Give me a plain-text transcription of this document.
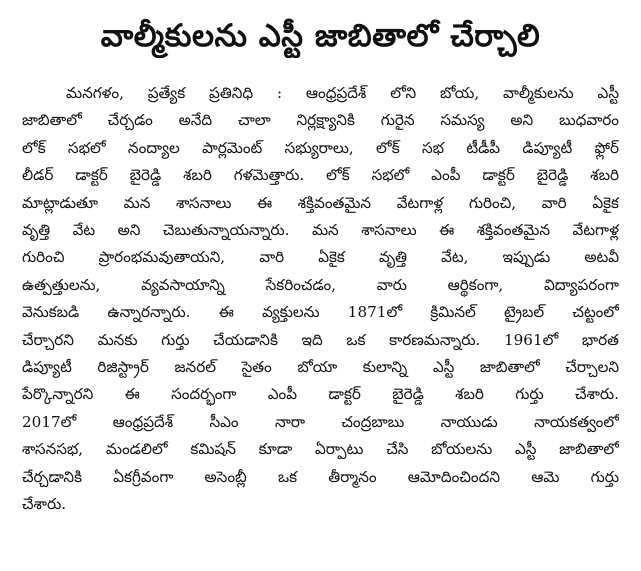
వాల్మీకులను ఎస్టీ జాబితాలో చేర్చాలి
మనగళం, ప్రత్యేక ప్రతినిధి : ఆంధ్రప్రదేశ్ లోని బోయ, వాల్మీకులను ఎస్టీ
జాబితాలో చేర్చడం అనేది చాలా నిర్లక్ష్యానికి గురైన సమస్య అని బుధవారం
లోక్ సభలో నంద్యాల పార్లమెంట్ సభ్యురాలు, లోక్ సభ టీడీపీ డిప్యూటీ ఫ్లోర్
లీడర్ డాక్టర్ బైరెడ్డి శబరి గళమెత్తారు. లోక్ సభలో ఎంపీ డాక్టర్ బైరెడ్డి శబరి
మాట్లాడుతూ మన శాసనాలు ఈ శక్తివంతమైన వేటగాళ్ల గురించి, వారి ఏకైక
వృత్తి వేట అని చెబుతున్నాయన్నారు. మన శాసనాలు ఈ శక్తివంతమైన వేటగాళ్ల
గురించి ప్రారంభమవుతాయని, వారి ఏకైక వృత్తి వేట, ఇప్పుడు అటవీ
ఉత్పత్తులను, వ్యవసాయాన్ని సేకరించడం, వారు ఆర్థికంగా, విద్యాపరంగా
వెనుకబడి ఉన్నారన్నారు. ఈ వ్యక్తులను 1871లో క్రిమినల్ ట్రైబల్ చట్టంలో
చేర్చారని మనకు గుర్తు చేయడానికి ఇది ఒక కారణమన్నారు. 1961లో భారత
డిప్యూటీ రిజిస్ట్రార్ జనరల్ సైతం బోయా కులాన్ని ఎస్టీ జాబితాలో చేర్చాలని
పేర్కొన్నారని ఈ సందర్భంగా ఎంపీ డాక్టర్ బైరెడ్డి శబరి గుర్తు చేశారు.
2017లో ఆంధ్రప్రదేశ్ సీఎం నారా చంద్రబాబు నాయుడు నాయకత్వంలో
శాసనసభ, మండలిలో కమిషన్ కూడా ఏర్పాటు చేసి బోయలను ఎస్టీ జాబితాలో
చేర్చడానికి ఏకగ్రీవంగా అసెంబ్లీ ఒక తీర్మానం ఆమోదించిందని ఆమె గుర్తు
చేశారు.
